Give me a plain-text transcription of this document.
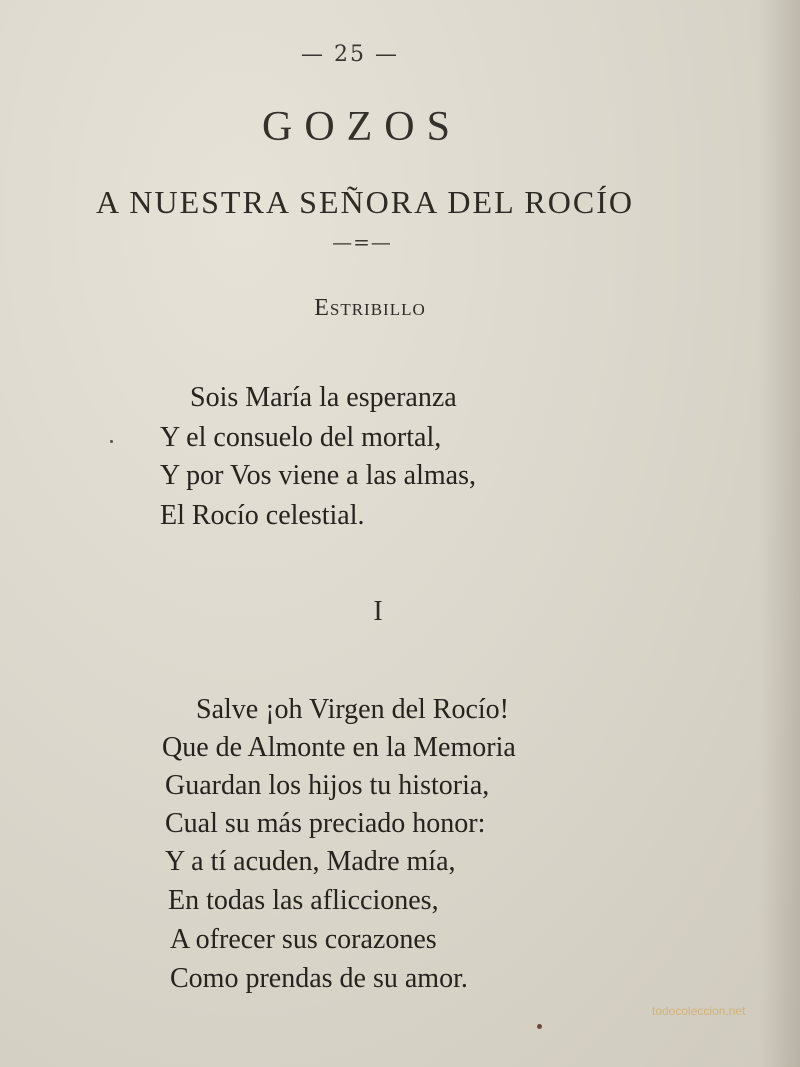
— 25 —
GOZOS
A NUESTRA SEÑORA DEL ROCÍO
—=—
Estribillo
Sois María la esperanza
Y el consuelo del mortal,
Y por Vos viene a las almas,
El Rocío celestial.
I
Salve ¡oh Virgen del Rocío!
Que de Almonte en la Memoria
Guardan los hijos tu historia,
Cual su más preciado honor:
Y a tí acuden, Madre mía,
En todas las aflicciones,
A ofrecer sus corazones
Como prendas de su amor.
todocoleccion.net
